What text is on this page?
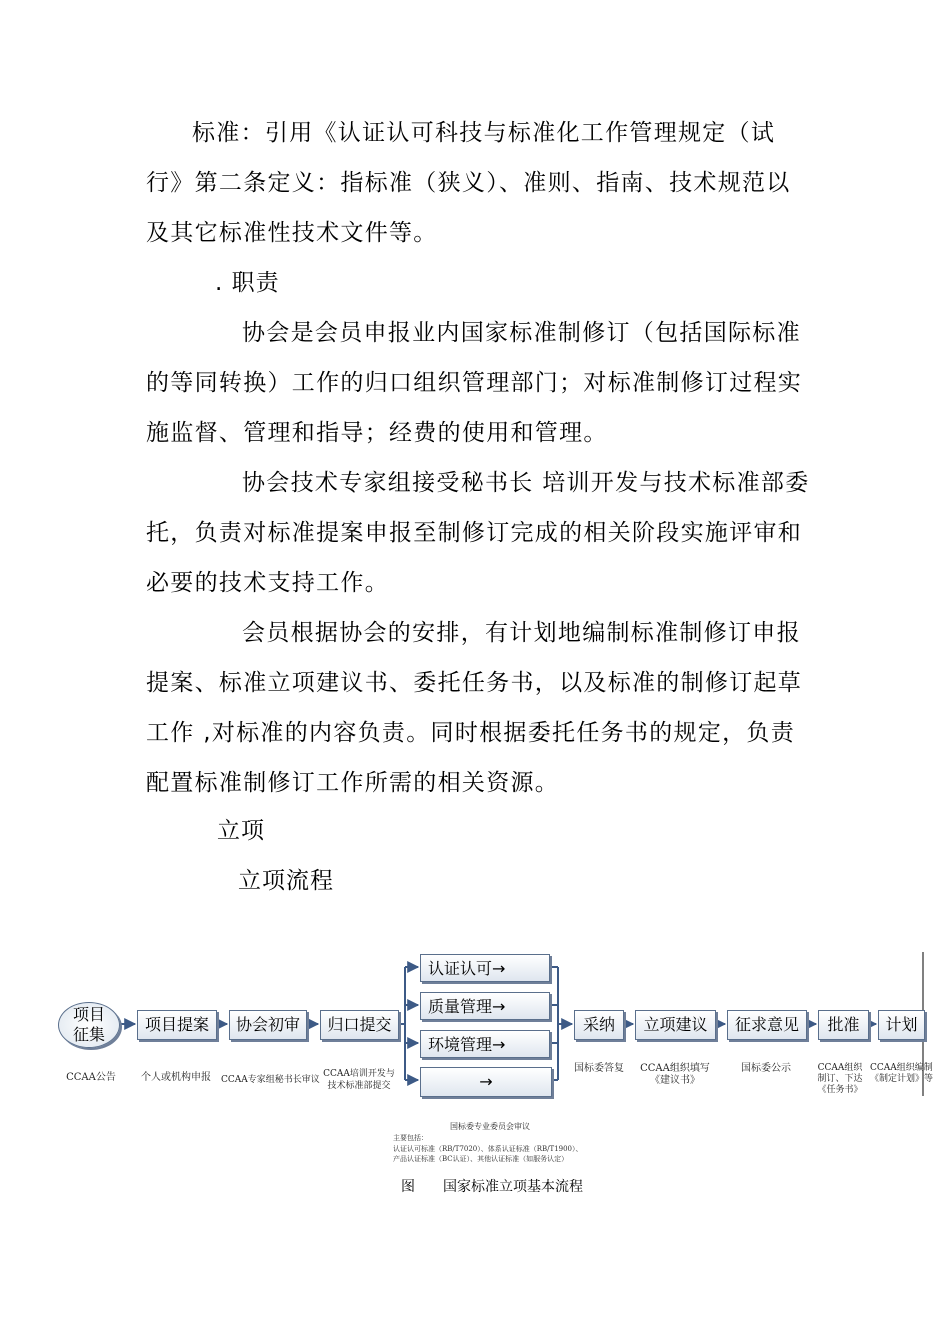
标准：引用《认证认可科技与标准化工作管理规定（试行》第二条定义：指标准（狭义）、准则、指南、技术规范以及其它标准性技术文件等。

. 职责

协会是会员申报业内国家标准制修订（包括国际标准的等同转换）工作的归口组织管理部门；对标准制修订过程实施监督、管理和指导；经费的使用和管理。

协会技术专家组接受秘书长 培训开发与技术标准部委托，负责对标准提案申报至制修订完成的相关阶段实施评审和必要的技术支持工作。

会员根据协会的安排，有计划地编制标准制修订申报提案、标准立项建议书、委托任务书，以及标准的制修订起草工作 ,对标准的内容负责。同时根据委托任务书的规定，负责配置标准制修订工作所需的相关资源。

立项

立项流程

项目
征集
项目提案	协会初审	归口提交
认证认可→
质量管理→
环境管理→
→
采纳	立项建议	征求意见	批准	计划
CCAA公告	个人或机构申报	CCAA专家组秘书长审议
CCAA培训开发与
技术标准部提交
国标委答复	CCAA组织填写
《建议书》
国标委公示	CCAA组织
制订、下达
《任务书》
CCAA组织编制
《制定计划》等
国标委专业委员会审议
主要包括：
认证认可标准（RB/T7020）、体系认证标准（RB/T1900）、
产品认证标准（BC认证）、其他认证标准（如服务认定）
图 国家标准立项基本流程
